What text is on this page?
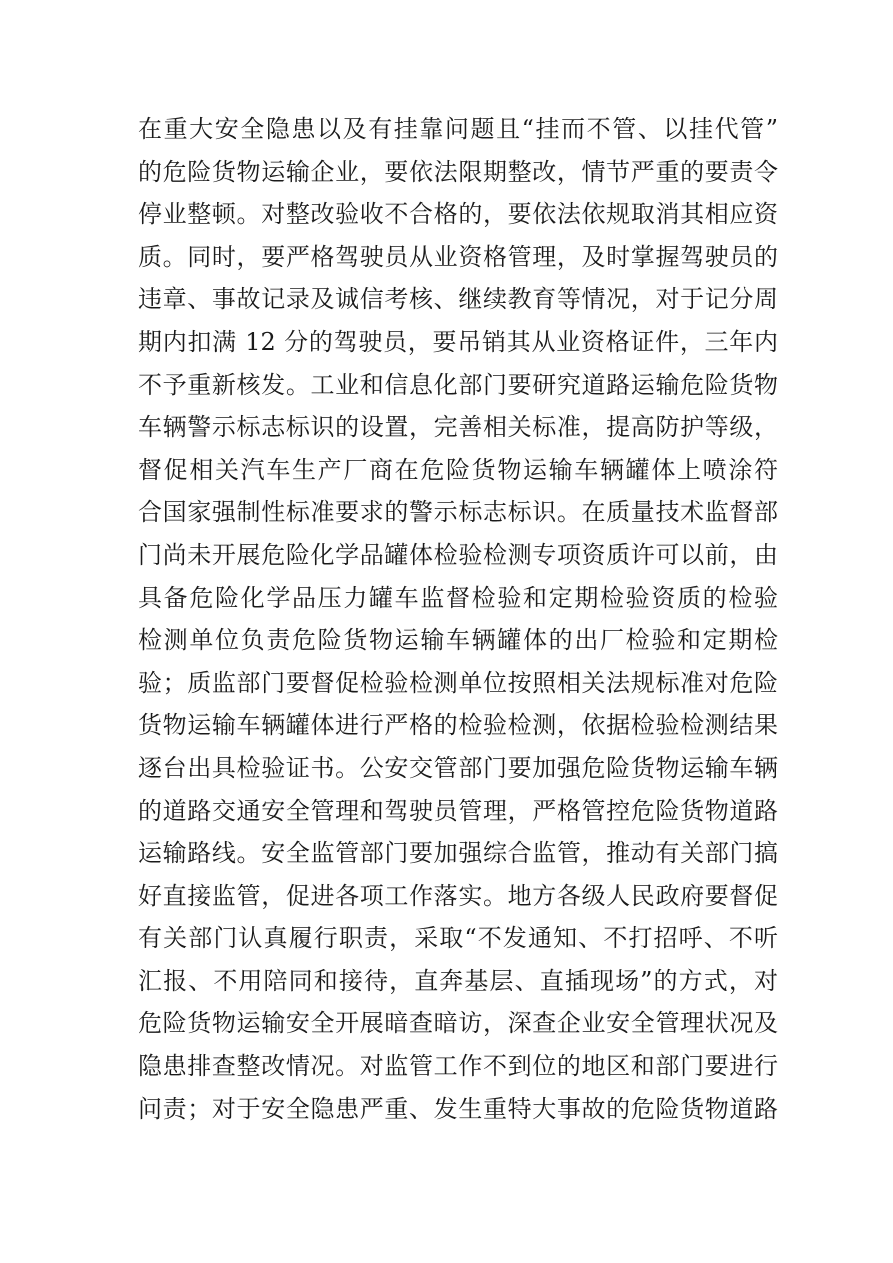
在重大安全隐患以及有挂靠问题且“挂而不管、以挂代管”
的危险货物运输企业，要依法限期整改，情节严重的要责令
停业整顿。对整改验收不合格的，要依法依规取消其相应资
质。同时，要严格驾驶员从业资格管理，及时掌握驾驶员的
违章、事故记录及诚信考核、继续教育等情况，对于记分周
期内扣满 12 分的驾驶员，要吊销其从业资格证件，三年内
不予重新核发。工业和信息化部门要研究道路运输危险货物
车辆警示标志标识的设置，完善相关标准，提高防护等级，
督促相关汽车生产厂商在危险货物运输车辆罐体上喷涂符
合国家强制性标准要求的警示标志标识。在质量技术监督部
门尚未开展危险化学品罐体检验检测专项资质许可以前，由
具备危险化学品压力罐车监督检验和定期检验资质的检验
检测单位负责危险货物运输车辆罐体的出厂检验和定期检
验；质监部门要督促检验检测单位按照相关法规标准对危险
货物运输车辆罐体进行严格的检验检测，依据检验检测结果
逐台出具检验证书。公安交管部门要加强危险货物运输车辆
的道路交通安全管理和驾驶员管理，严格管控危险货物道路
运输路线。安全监管部门要加强综合监管，推动有关部门搞
好直接监管，促进各项工作落实。地方各级人民政府要督促
有关部门认真履行职责，采取“不发通知、不打招呼、不听
汇报、不用陪同和接待，直奔基层、直插现场”的方式，对
危险货物运输安全开展暗查暗访，深查企业安全管理状况及
隐患排查整改情况。对监管工作不到位的地区和部门要进行
问责；对于安全隐患严重、发生重特大事故的危险货物道路
